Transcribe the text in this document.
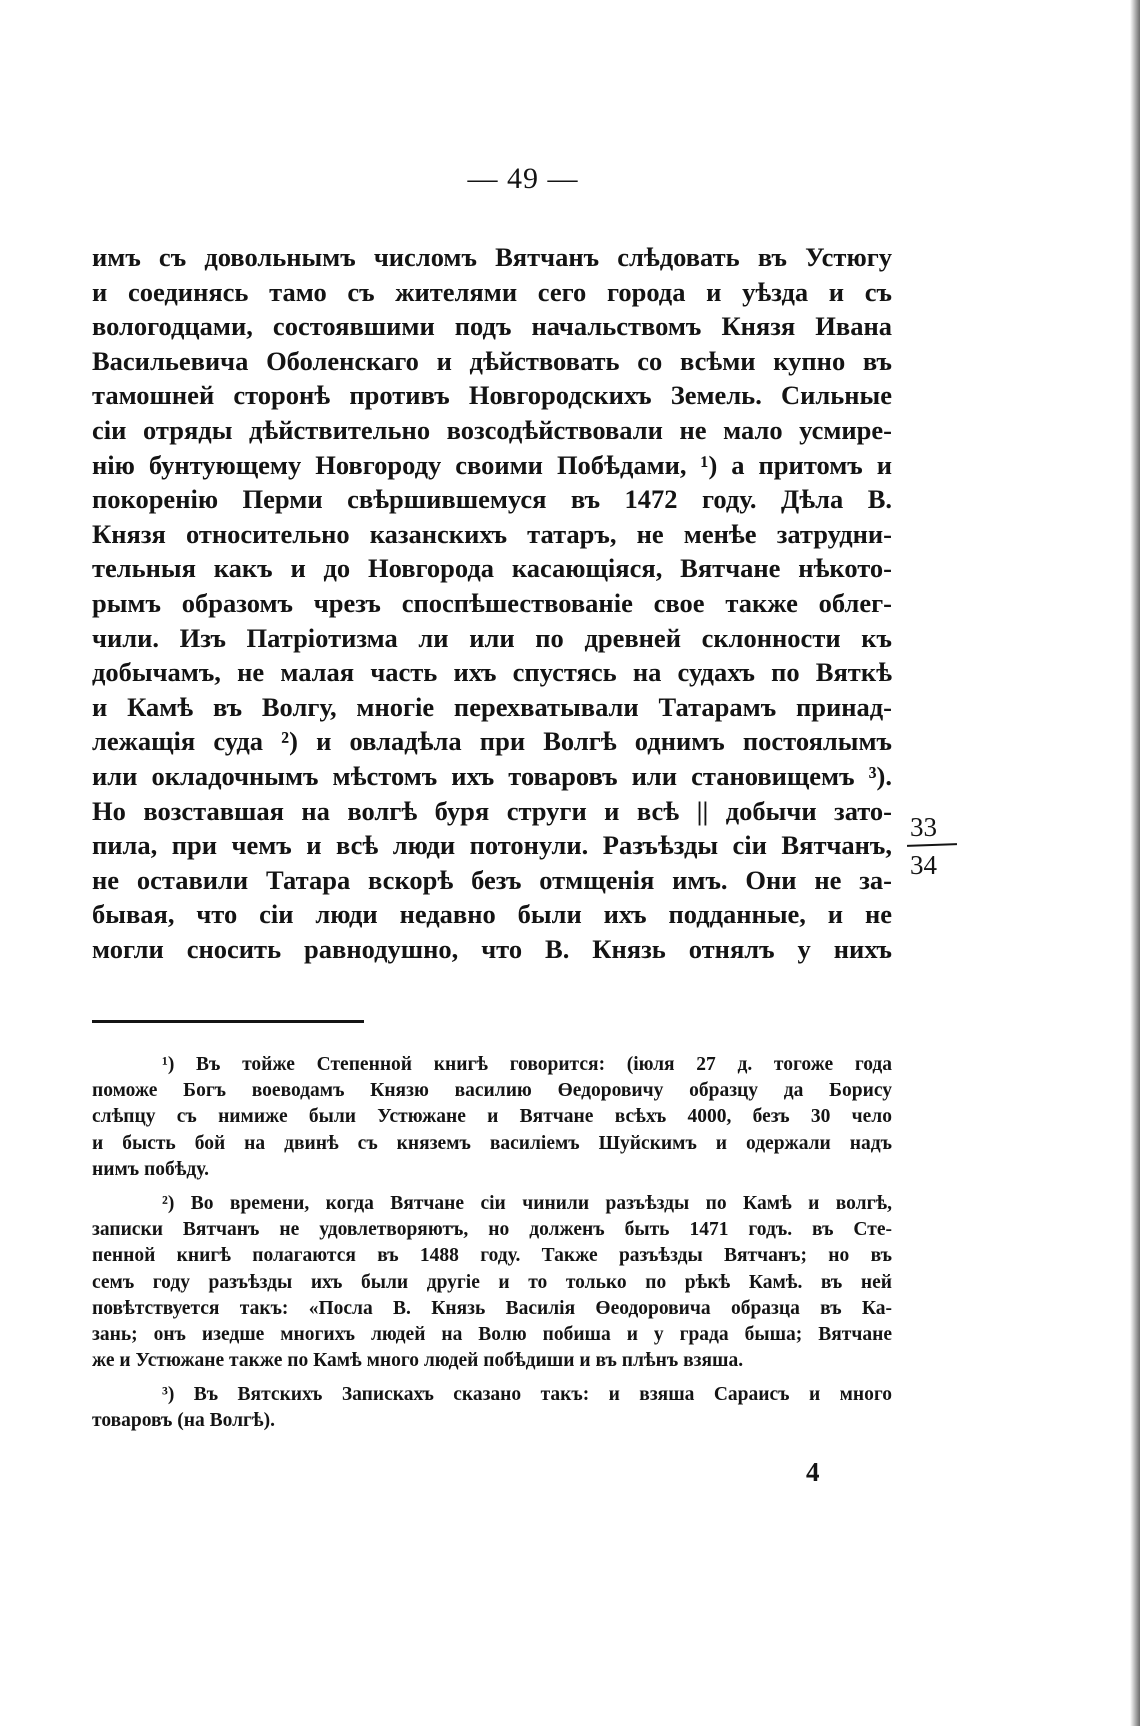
— 49 —
имъ съ довольнымъ числомъ Вятчанъ слѣдовать въ Устюгу
и соединясь тамо съ жителями сего города и уѣзда и съ
вологодцами, состоявшими подъ начальствомъ Князя Ивана
Васильевича Оболенскаго и дѣйствовать со всѣми купно въ
тамошней сторонѣ противъ Новгородскихъ Земель. Сильные
сіи отряды дѣйствительно возсодѣйствовали не мало усмире-
нію бунтующему Новгороду своими Побѣдами, ¹) а притомъ и
покоренію Перми свѣршившемуся въ 1472 году. Дѣла В.
Князя относительно казанскихъ татаръ, не менѣе затрудни-
тельныя какъ и до Новгорода касающіяся, Вятчане нѣкото-
рымъ образомъ чрезъ споспѣшествованіе свое также облег-
чили. Изъ Патріотизма ли или по древней склонности къ
добычамъ, не малая часть ихъ спустясь на судахъ по Вяткѣ
и Камѣ въ Волгу, многіе перехватывали Татарамъ принад-
лежащія суда ²) и овладѣла при Волгѣ однимъ постоялымъ
или окладочнымъ мѣстомъ ихъ товаровъ или становищемъ ³).
Но возставшая на волгѣ буря струги и всѣ || добычи зато-
пила, при чемъ и всѣ люди потонули. Разъѣзды сіи Вятчанъ,
не оставили Татара вскорѣ безъ отмщенія имъ. Они не за-
бывая, что сіи люди недавно были ихъ подданные, и не
могли сносить равнодушно, что В. Князь отнялъ у нихъ
33
34
¹) Въ тойже Степенной книгѣ говорится: (іюля 27 д. тогоже года
поможе Богъ воеводамъ Князю василию Өедоровичу образцу да Борису
слѣпцу съ нимиже были Устюжане и Вятчане всѣхъ 4000, безъ 30 чело
и бысть бой на двинѣ съ княземъ василіемъ Шуйскимъ и одержали надъ
нимъ побѣду.
²) Во времени, когда Вятчане сіи чинили разъѣзды по Камѣ и волгѣ,
записки Вятчанъ не удовлетворяютъ, но долженъ быть 1471 годъ. въ Сте-
пенной книгѣ полагаются въ 1488 году. Также разъѣзды Вятчанъ; но въ
семъ году разъѣзды ихъ были другіе и то только по рѣкѣ Камѣ. въ ней
повѣтствуется такъ: «Посла В. Князь Василія Өеодоровича образца въ Ка-
зань; онъ изедше многихъ людей на Волю побиша и у града быша; Вятчане
же и Устюжане также по Камѣ много людей побѣдиши и въ плѣнъ взяша.
³) Въ Вятскихъ Запискахъ сказано такъ: и взяша Сараисъ и много
товаровъ (на Волгѣ).
4
